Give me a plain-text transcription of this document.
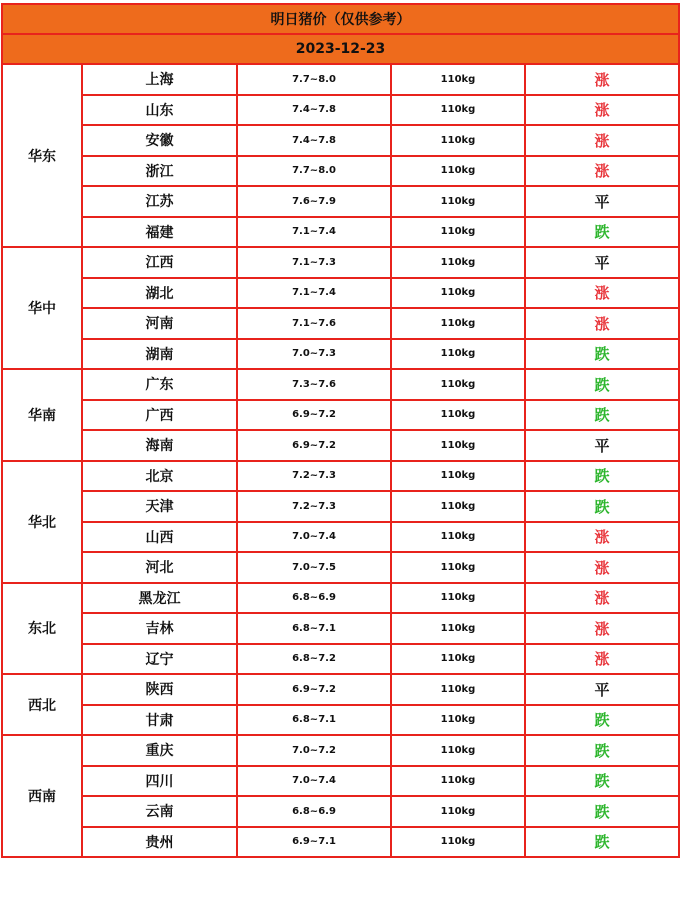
明日猪价（仅供参考）				
2023-12-23				
华东	上海	7.7~8.0	110kg	涨
	山东	7.4~7.8	110kg	涨
	安徽	7.4~7.8	110kg	涨
	浙江	7.7~8.0	110kg	涨
	江苏	7.6~7.9	110kg	平
	福建	7.1~7.4	110kg	跌
华中	江西	7.1~7.3	110kg	平
	湖北	7.1~7.4	110kg	涨
	河南	7.1~7.6	110kg	涨
	湖南	7.0~7.3	110kg	跌
华南	广东	7.3~7.6	110kg	跌
	广西	6.9~7.2	110kg	跌
	海南	6.9~7.2	110kg	平
华北	北京	7.2~7.3	110kg	跌
	天津	7.2~7.3	110kg	跌
	山西	7.0~7.4	110kg	涨
	河北	7.0~7.5	110kg	涨
东北	黑龙江	6.8~6.9	110kg	涨
	吉林	6.8~7.1	110kg	涨
	辽宁	6.8~7.2	110kg	涨
西北	陕西	6.9~7.2	110kg	平
	甘肃	6.8~7.1	110kg	跌
西南	重庆	7.0~7.2	110kg	跌
	四川	7.0~7.4	110kg	跌
	云南	6.8~6.9	110kg	跌
	贵州	6.9~7.1	110kg	跌
